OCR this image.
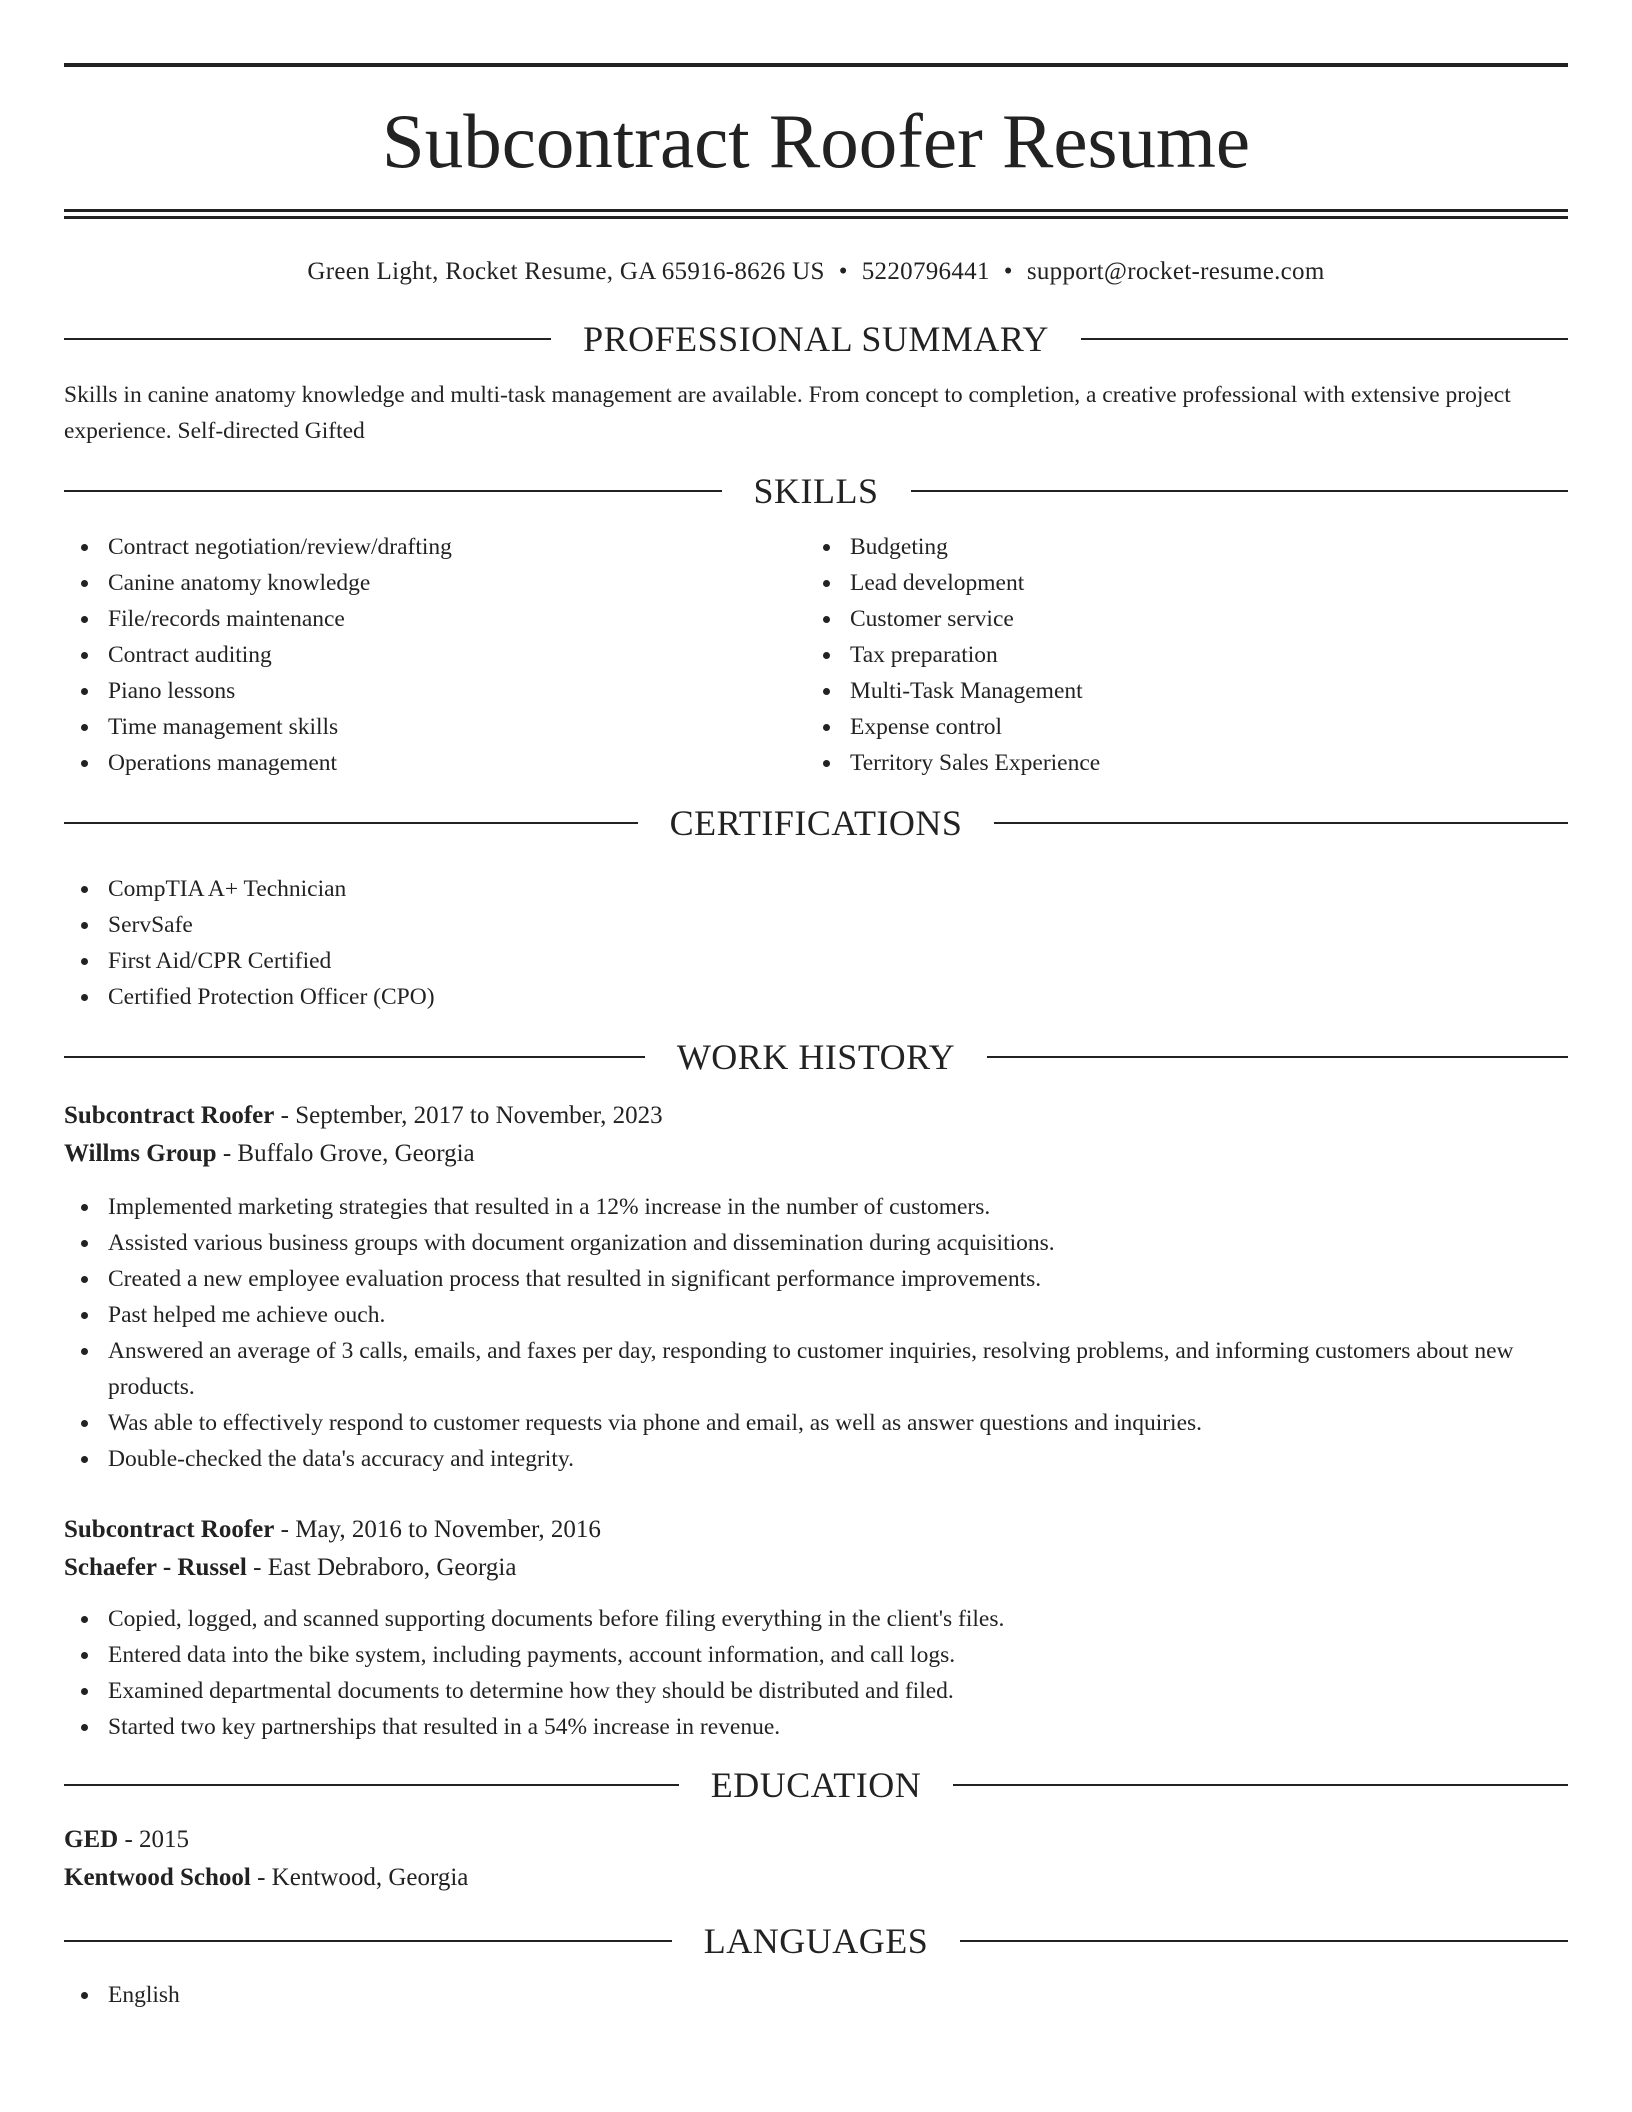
Subcontract Roofer Resume
Green Light, Rocket Resume, GA 65916-8626 US • 5220796441 • support@rocket-resume.com
PROFESSIONAL SUMMARY
Skills in canine anatomy knowledge and multi-task management are available. From concept to completion, a creative professional with extensive project experience. Self-directed Gifted
SKILLS
Contract negotiation/review/drafting
Canine anatomy knowledge
File/records maintenance
Contract auditing
Piano lessons
Time management skills
Operations management
Budgeting
Lead development
Customer service
Tax preparation
Multi-Task Management
Expense control
Territory Sales Experience
CERTIFICATIONS
CompTIA A+ Technician
ServSafe
First Aid/CPR Certified
Certified Protection Officer (CPO)
WORK HISTORY
Subcontract Roofer - September, 2017 to November, 2023
Willms Group - Buffalo Grove, Georgia
Implemented marketing strategies that resulted in a 12% increase in the number of customers.
Assisted various business groups with document organization and dissemination during acquisitions.
Created a new employee evaluation process that resulted in significant performance improvements.
Past helped me achieve ouch.
Answered an average of 3 calls, emails, and faxes per day, responding to customer inquiries, resolving problems, and informing customers about new products.
Was able to effectively respond to customer requests via phone and email, as well as answer questions and inquiries.
Double-checked the data's accuracy and integrity.
Subcontract Roofer - May, 2016 to November, 2016
Schaefer - Russel - East Debraboro, Georgia
Copied, logged, and scanned supporting documents before filing everything in the client's files.
Entered data into the bike system, including payments, account information, and call logs.
Examined departmental documents to determine how they should be distributed and filed.
Started two key partnerships that resulted in a 54% increase in revenue.
EDUCATION
GED - 2015
Kentwood School - Kentwood, Georgia
LANGUAGES
English
